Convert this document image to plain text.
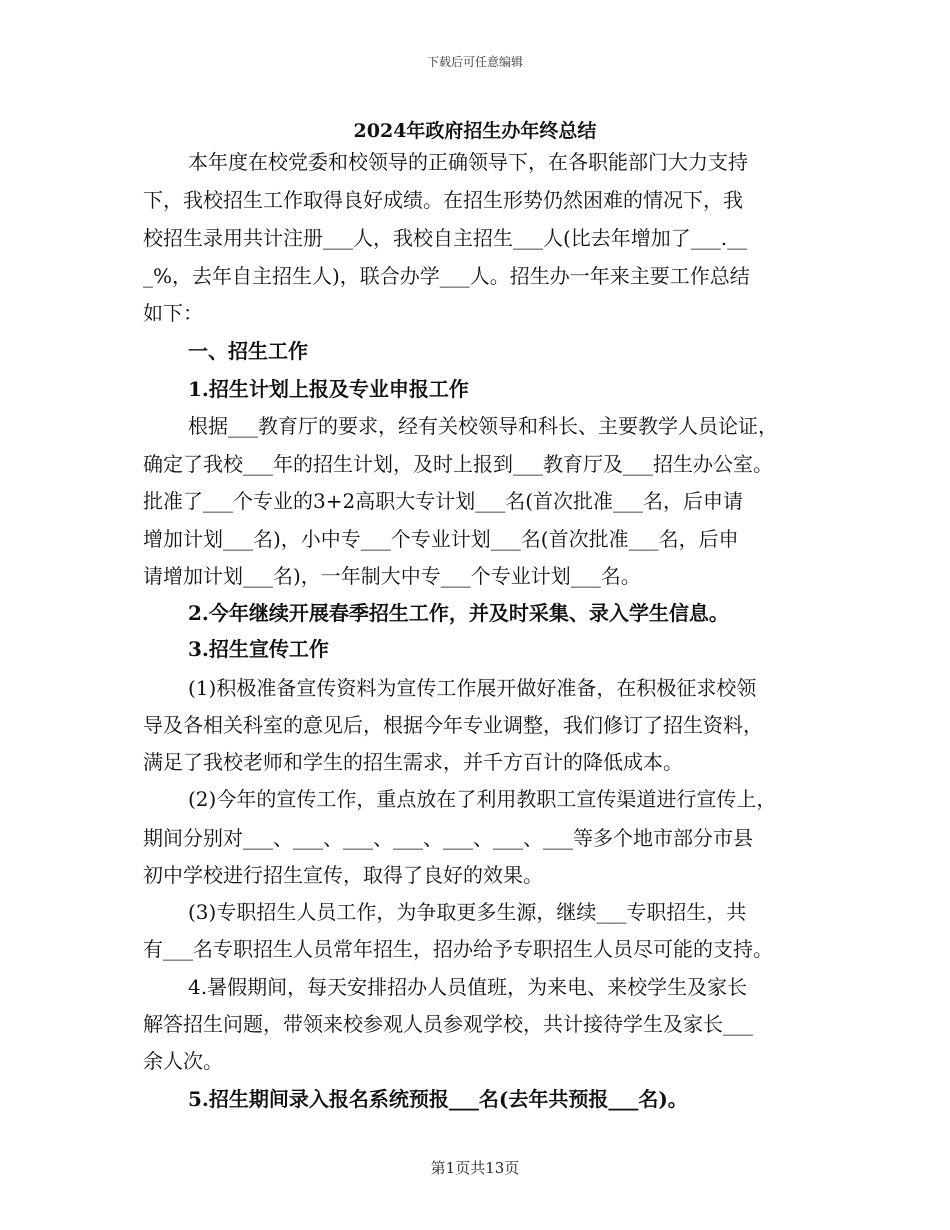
下载后可任意编辑
2024年政府招生办年终总结
本年度在校党委和校领导的正确领导下，在各职能部门大力支持
下，我校招生工作取得良好成绩。在招生形势仍然困难的情况下，我
校招生录用共计注册___人，我校自主招生___人(比去年增加了___.__
_%，去年自主招生人)，联合办学___人。招生办一年来主要工作总结
如下：
一、招生工作
1.招生计划上报及专业申报工作
根据___教育厅的要求，经有关校领导和科长、主要教学人员论证，
确定了我校___年的招生计划，及时上报到___教育厅及___招生办公室。
批准了___个专业的3+2高职大专计划___名(首次批准___名，后申请
增加计划___名)，小中专___个专业计划___名(首次批准___名，后申
请增加计划___名)，一年制大中专___个专业计划___名。
2.今年继续开展春季招生工作，并及时采集、录入学生信息。
3.招生宣传工作
(1)积极准备宣传资料为宣传工作展开做好准备，在积极征求校领
导及各相关科室的意见后，根据今年专业调整，我们修订了招生资料，
满足了我校老师和学生的招生需求，并千方百计的降低成本。
(2)今年的宣传工作，重点放在了利用教职工宣传渠道进行宣传上，
期间分别对___、___、___、___、___、___、___等多个地市部分市县
初中学校进行招生宣传，取得了良好的效果。
(3)专职招生人员工作，为争取更多生源，继续___专职招生，共
有___名专职招生人员常年招生，招办给予专职招生人员尽可能的支持。
4.暑假期间，每天安排招办人员值班，为来电、来校学生及家长
解答招生问题，带领来校参观人员参观学校，共计接待学生及家长___
余人次。
5.招生期间录入报名系统预报___名(去年共预报___名)。
第1页共13页
